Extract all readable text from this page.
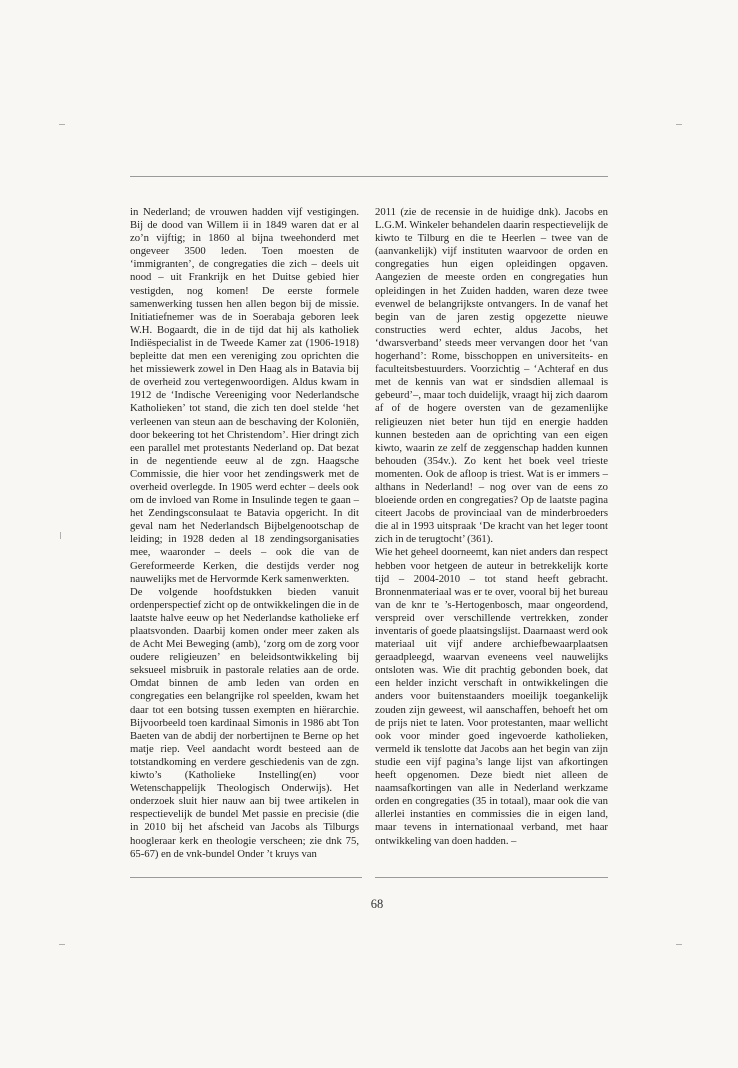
in Nederland; de vrouwen hadden vijf vestigingen. Bij de dood van Willem ii in 1849 waren dat er al zo’n vijftig; in 1860 al bijna tweehonderd met ongeveer 3500 leden. Toen moesten de ‘immigranten’, de congregaties die zich – deels uit nood – uit Frankrijk en het Duitse gebied hier vestigden, nog komen! De eerste formele samenwerking tussen hen allen begon bij de missie. Initiatiefnemer was de in Soerabaja geboren leek W.H. Bogaardt, die in de tijd dat hij als katholiek Indiëspecialist in de Tweede Kamer zat (1906-1918) bepleitte dat men een vereniging zou oprichten die het missiewerk zowel in Den Haag als in Batavia bij de overheid zou vertegenwoordigen. Aldus kwam in 1912 de ‘Indische Vereeniging voor Nederlandsche Katholieken’ tot stand, die zich ten doel stelde ‘het verleenen van steun aan de beschaving der Koloniën, door bekeering tot het Christendom’. Hier dringt zich een parallel met protestants Nederland op. Dat bezat in de negentiende eeuw al de zgn. Haagsche Commissie, die hier voor het zendingswerk met de overheid overlegde. In 1905 werd echter – deels ook om de invloed van Rome in Insulinde tegen te gaan – het Zendingsconsulaat te Batavia opgericht. In dit geval nam het Nederlandsch Bijbelgenootschap de leiding; in 1928 deden al 18 zendingsorganisaties mee, waaronder – deels – ook die van de Gereformeerde Kerken, die destijds verder nog nauwelijks met de Hervormde Kerk samenwerkten.

De volgende hoofdstukken bieden vanuit ordenperspectief zicht op de ontwikkelingen die in de laatste halve eeuw op het Nederlandse katholieke erf plaatsvonden. Daarbij komen onder meer zaken als de Acht Mei Beweging (amb), ‘zorg om de zorg voor oudere religieuzen’ en beleidsontwikkeling bij seksueel misbruik in pastorale relaties aan de orde. Omdat binnen de amb leden van orden en congregaties een belangrijke rol speelden, kwam het daar tot een botsing tussen exempten en hiërarchie. Bijvoorbeeld toen kardinaal Simonis in 1986 abt Ton Baeten van de abdij der norbertijnen te Berne op het matje riep. Veel aandacht wordt besteed aan de totstandkoming en verdere geschiedenis van de zgn. kiwto’s (Katholieke Instelling(en) voor Wetenschappelijk Theologisch Onderwijs). Het onderzoek sluit hier nauw aan bij twee artikelen in respectievelijk de bundel Met passie en precisie (die in 2010 bij het afscheid van Jacobs als Tilburgs hoogleraar kerk en theologie verscheen; zie dnk 75, 65-67) en de vnk-bundel Onder ’t kruys van

2011 (zie de recensie in de huidige dnk). Jacobs en L.G.M. Winkeler behandelen daarin respectievelijk de kiwto te Tilburg en die te Heerlen – twee van de (aanvankelijk) vijf instituten waarvoor de orden en congregaties hun eigen opleidingen opgaven. Aangezien de meeste orden en congregaties hun opleidingen in het Zuiden hadden, waren deze twee evenwel de belangrijkste ontvangers. In de vanaf het begin van de jaren zestig opgezette nieuwe constructies werd echter, aldus Jacobs, het ‘dwarsverband’ steeds meer vervangen door het ‘van hogerhand’: Rome, bisschoppen en universiteits- en faculteitsbestuurders. Voorzichtig – ‘Achteraf en dus met de kennis van wat er sindsdien allemaal is gebeurd’–, maar toch duidelijk, vraagt hij zich daarom af of de hogere oversten van de gezamenlijke religieuzen niet beter hun tijd en energie hadden kunnen besteden aan de oprichting van een eigen kiwto, waarin ze zelf de zeggenschap hadden kunnen behouden (354v.). Zo kent het boek veel trieste momenten. Ook de afloop is triest. Wat is er immers – althans in Nederland! – nog over van de eens zo bloeiende orden en congregaties? Op de laatste pagina citeert Jacobs de provinciaal van de minderbroeders die al in 1993 uitspraak ‘De kracht van het leger toont zich in de terugtocht’ (361).

Wie het geheel doorneemt, kan niet anders dan respect hebben voor hetgeen de auteur in betrekkelijk korte tijd – 2004-2010 – tot stand heeft gebracht. Bronnenmateriaal was er te over, vooral bij het bureau van de knr te ’s-Hertogenbosch, maar ongeordend, verspreid over verschillende vertrekken, zonder inventaris of goede plaatsingslijst. Daarnaast werd ook materiaal uit vijf andere archiefbewaarplaatsen geraadpleegd, waarvan eveneens veel nauwelijks ontsloten was. Wie dit prachtig gebonden boek, dat een helder inzicht verschaft in ontwikkelingen die anders voor buitenstaanders moeilijk toegankelijk zouden zijn geweest, wil aanschaffen, behoeft het om de prijs niet te laten. Voor protestanten, maar wellicht ook voor minder goed ingevoerde katholieken, vermeld ik tenslotte dat Jacobs aan het begin van zijn studie een vijf pagina’s lange lijst van afkortingen heeft opgenomen. Deze biedt niet alleen de naamsafkortingen van alle in Nederland werkzame orden en congregaties (35 in totaal), maar ook die van allerlei instanties en commissies die in eigen land, maar tevens in internationaal verband, met haar ontwikkeling van doen hadden. –

68
